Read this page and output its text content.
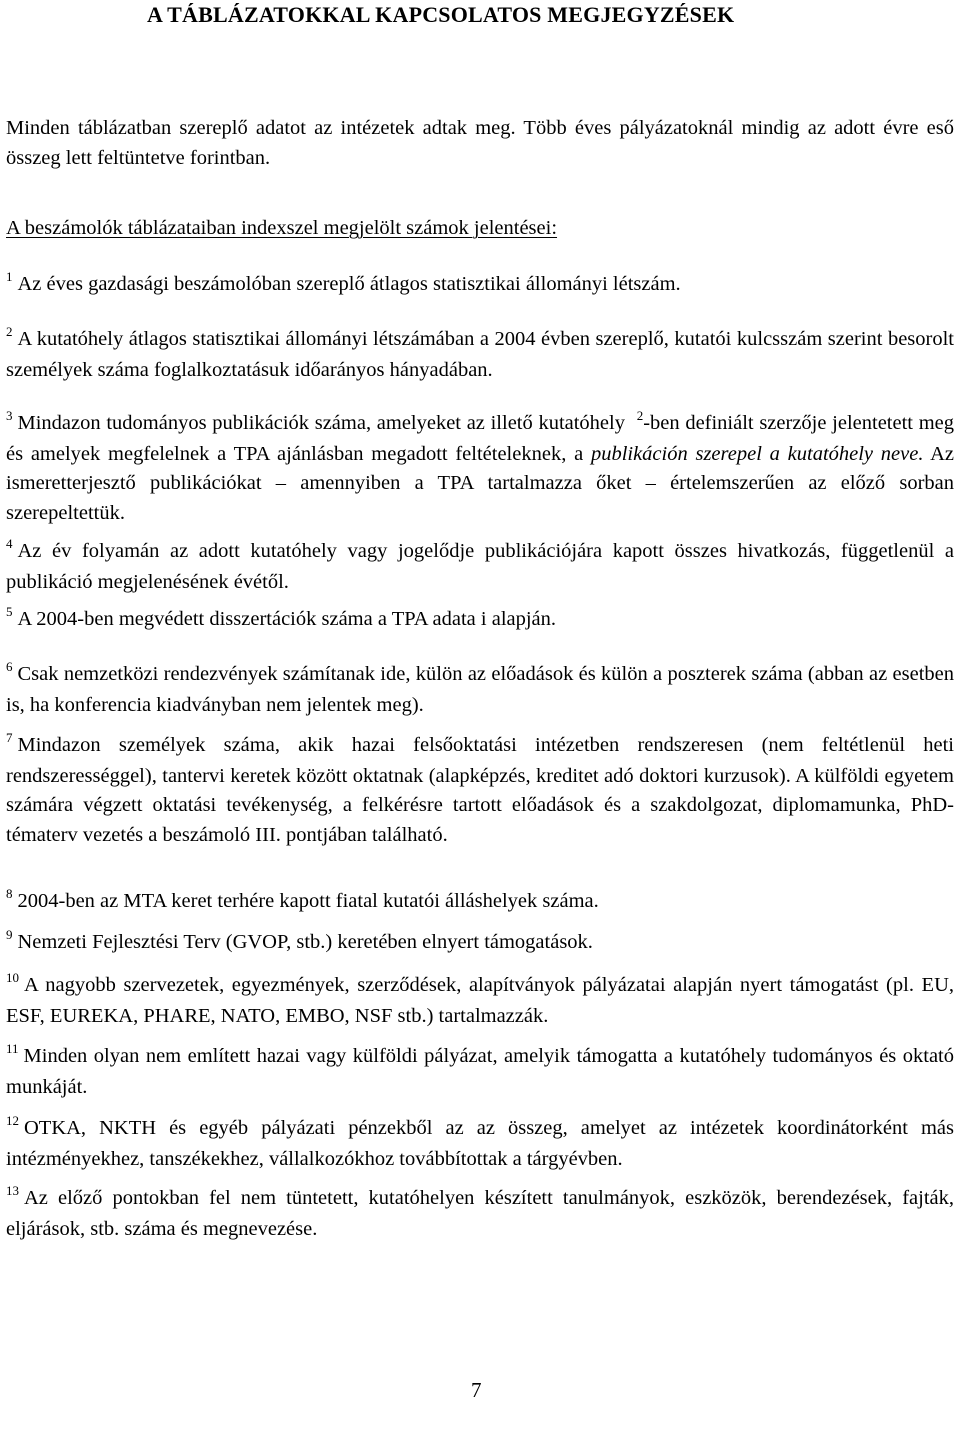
A TÁBLÁZATOKKAL KAPCSOLATOS MEGJEGYZÉSEK

Minden táblázatban szereplő adatot az intézetek adtak meg. Több éves pályázatoknál mindig az adott évre eső összeg lett feltüntetve forintban.

A beszámolók táblázataiban indexszel megjelölt számok jelentései:

$^1$ Az éves gazdasági beszámolóban szereplő átlagos statisztikai állományi létszám.

$^2$ A kutatóhely átlagos statisztikai állományi létszámában a 2004 évben szereplő, kutatói kulcsszám szerint besorolt személyek száma foglalkoztatásuk időarányos hányadában.

$^3$ Mindazon tudományos publikációk száma, amelyeket az illető kutatóhely $^2$-ben definiált szerzője jelentetett meg és amelyek megfelelnek a TPA ajánlásban megadott feltételeknek, a publikáción szerepel a kutatóhely neve. Az ismeretterjesztő publikációkat – amennyiben a TPA tartalmazza őket – értelemszerűen az előző sorban szerepeltettük.

$^4$ Az év folyamán az adott kutatóhely vagy jogelődje publikációjára kapott összes hivatkozás, függetlenül a publikáció megjelenésének évétől.

$^5$ A 2004-ben megvédett disszertációk száma a TPA adata i alapján.

$^6$ Csak nemzetközi rendezvények számítanak ide, külön az előadások és külön a poszterek száma (abban az esetben is, ha konferencia kiadványban nem jelentek meg).

$^7$ Mindazon személyek száma, akik hazai felsőoktatási intézetben rendszeresen (nem feltétlenül heti rendszerességgel), tantervi keretek között oktatnak (alapképzés, kreditet adó doktori kurzusok). A külföldi egyetem számára végzett oktatási tevékenység, a felkérésre tartott előadások és a szakdolgozat, diplomamunka, PhD-tématerv vezetés a beszámoló III. pontjában található.

$^8$ 2004-ben az MTA keret terhére kapott fiatal kutatói álláshelyek száma.

$^9$ Nemzeti Fejlesztési Terv (GVOP, stb.) keretében elnyert támogatások.

$^{10}$ A nagyobb szervezetek, egyezmények, szerződések, alapítványok pályázatai alapján nyert támogatást (pl. EU, ESF, EUREKA, PHARE, NATO, EMBO, NSF stb.) tartalmazzák.

$^{11}$ Minden olyan nem említett hazai vagy külföldi pályázat, amelyik támogatta a kutatóhely tudományos és oktató munkáját.

$^{12}$ OTKA, NKTH és egyéb pályázati pénzekből az az összeg, amelyet az intézetek koordinátorként más intézményekhez, tanszékekhez, vállalkozókhoz továbbítottak a tárgyévben.

$^{13}$ Az előző pontokban fel nem tüntetett, kutatóhelyen készített tanulmányok, eszközök, berendezések, fajták, eljárások, stb. száma és megnevezése.

7
